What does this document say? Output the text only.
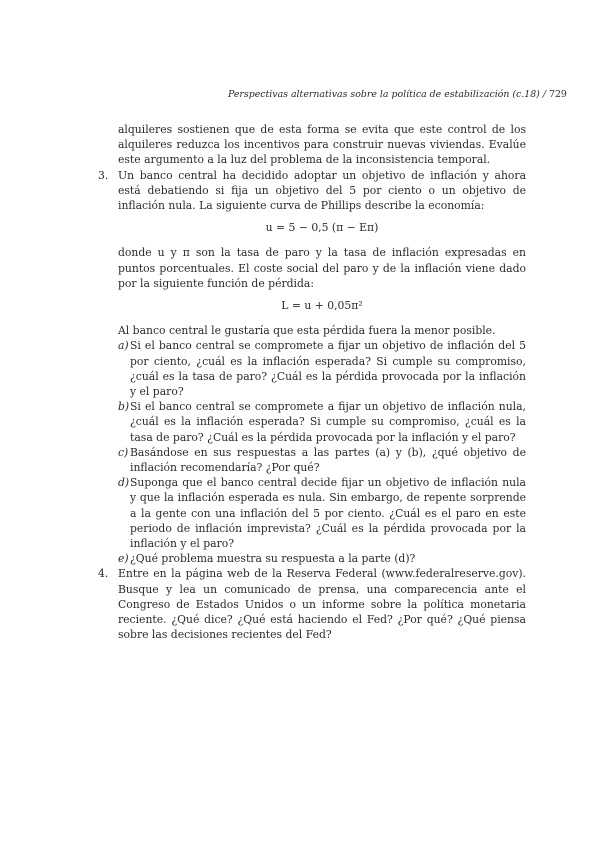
Perspectivas alternativas sobre la política de estabilización (c.18) / 729

alquileres sostienen que de esta forma se evita que este control de los alquileres reduzca los incentivos para construir nuevas viviendas. Evalúe este argumento a la luz del problema de la inconsistencia temporal.

3. Un banco central ha decidido adoptar un objetivo de inflación y ahora está debatiendo si fija un objetivo del 5 por ciento o un objetivo de inflación nula. La siguiente curva de Phillips describe la economía:

u = 5 − 0,5 (π − Eπ)

donde u y π son la tasa de paro y la tasa de inflación expresadas en puntos porcentuales. El coste social del paro y de la inflación viene dado por la siguiente función de pérdida:

L = u + 0,05π²

Al banco central le gustaría que esta pérdida fuera la menor posible.

a) Si el banco central se compromete a fijar un objetivo de inflación del 5 por ciento, ¿cuál es la inflación esperada? Si cumple su compromiso, ¿cuál es la tasa de paro? ¿Cuál es la pérdida provocada por la inflación y el paro?
b) Si el banco central se compromete a fijar un objetivo de inflación nula, ¿cuál es la inflación esperada? Si cumple su compromiso, ¿cuál es la tasa de paro? ¿Cuál es la pérdida provocada por la inflación y el paro?
c) Basándose en sus respuestas a las partes (a) y (b), ¿qué objetivo de inflación recomendaría? ¿Por qué?
d) Suponga que el banco central decide fijar un objetivo de inflación nula y que la inflación esperada es nula. Sin embargo, de repente sorprende a la gente con una inflación del 5 por ciento. ¿Cuál es el paro en este periodo de inflación imprevista? ¿Cuál es la pérdida provocada por la inflación y el paro?
e) ¿Qué problema muestra su respuesta a la parte (d)?
4. Entre en la página web de la Reserva Federal (www.federalreserve.gov). Busque y lea un comunicado de prensa, una comparecencia ante el Congreso de Estados Unidos o un informe sobre la política monetaria reciente. ¿Qué dice? ¿Qué está haciendo el Fed? ¿Por qué? ¿Qué piensa sobre las decisiones recientes del Fed?
